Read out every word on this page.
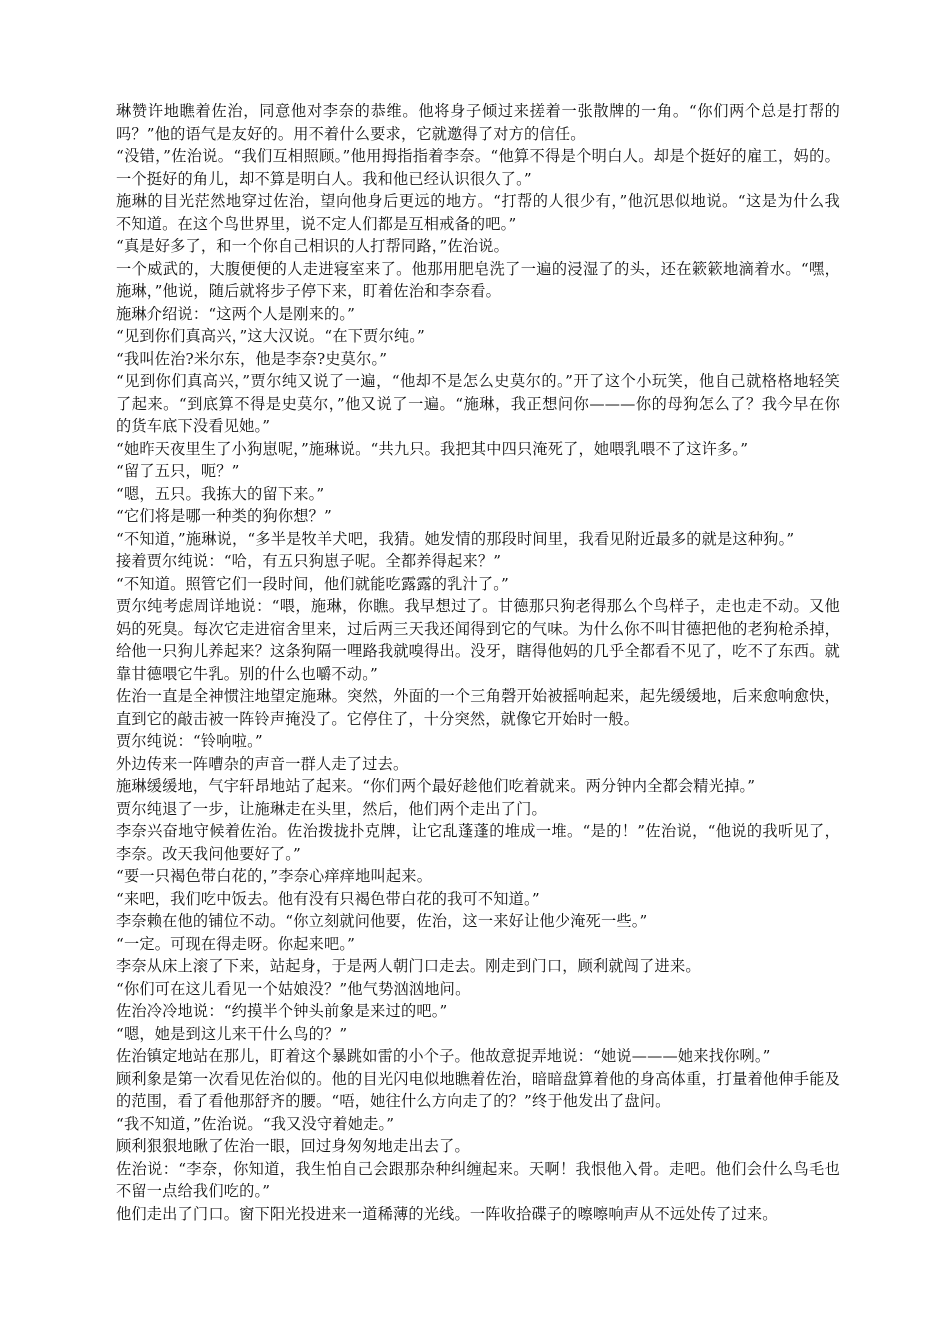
琳赞许地瞧着佐治，同意他对李奈的恭维。他将身子倾过来搓着一张散牌的一角。“你们两个总是打帮的吗？”他的语气是友好的。用不着什么要求，它就邀得了对方的信任。

“没错，”佐治说。“我们互相照顾。”他用拇指指着李奈。“他算不得是个明白人。却是个挺好的雇工，妈的。一个挺好的角儿，却不算是明白人。我和他已经认识很久了。”

施琳的目光茫然地穿过佐治，望向他身后更远的地方。“打帮的人很少有，”他沉思似地说。“这是为什么我不知道。在这个鸟世界里，说不定人们都是互相戒备的吧。”

“真是好多了，和一个你自己相识的人打帮同路，”佐治说。

一个威武的，大腹便便的人走进寝室来了。他那用肥皂洗了一遍的浸湿了的头，还在簌簌地滴着水。“嘿，施琳，”他说，随后就将步子停下来，盯着佐治和李奈看。

施琳介绍说：“这两个人是刚来的。”

“见到你们真高兴，”这大汉说。“在下贾尔纯。”

“我叫佐治?米尔东，他是李奈?史莫尔。”

“见到你们真高兴，”贾尔纯又说了一遍，“他却不是怎么史莫尔的。”开了这个小玩笑，他自己就格格地轻笑了起来。“到底算不得是史莫尔，”他又说了一遍。“施琳，我正想问你———你的母狗怎么了？我今早在你的货车底下没看见她。”

“她昨天夜里生了小狗崽呢，”施琳说。“共九只。我把其中四只淹死了，她喂乳喂不了这许多。”

“留了五只，呃？”

“嗯，五只。我拣大的留下来。”

“它们将是哪一种类的狗你想？”

“不知道，”施琳说，“多半是牧羊犬吧，我猜。她发情的那段时间里，我看见附近最多的就是这种狗。”

接着贾尔纯说：“哈，有五只狗崽子呢。全都养得起来？”

“不知道。照管它们一段时间，他们就能吃露露的乳汁了。”

贾尔纯考虑周详地说：“喂，施琳，你瞧。我早想过了。甘德那只狗老得那么个鸟样子，走也走不动。又他妈的死臭。每次它走进宿舍里来，过后两三天我还闻得到它的气味。为什么你不叫甘德把他的老狗枪杀掉，给他一只狗儿养起来？这条狗隔一哩路我就嗅得出。没牙，瞎得他妈的几乎全都看不见了，吃不了东西。就靠甘德喂它牛乳。别的什么也嚼不动。”

佐治一直是全神惯注地望定施琳。突然，外面的一个三角磬开始被摇响起来，起先缓缓地，后来愈响愈快，直到它的敲击被一阵铃声掩没了。它停住了，十分突然，就像它开始时一般。

贾尔纯说：“铃响啦。”

外边传来一阵嘈杂的声音一群人走了过去。

施琳缓缓地，气宇轩昂地站了起来。“你们两个最好趁他们吃着就来。两分钟内全都会精光掉。”

贾尔纯退了一步，让施琳走在头里，然后，他们两个走出了门。

李奈兴奋地守候着佐治。佐治拨拢扑克牌，让它乱蓬蓬的堆成一堆。“是的！”佐治说，“他说的我听见了，李奈。改天我问他要好了。”

“要一只褐色带白花的，”李奈心痒痒地叫起来。

“来吧，我们吃中饭去。他有没有只褐色带白花的我可不知道。”

李奈赖在他的铺位不动。“你立刻就问他要，佐治，这一来好让他少淹死一些。”

“一定。可现在得走呀。你起来吧。”

李奈从床上滚了下来，站起身，于是两人朝门口走去。刚走到门口，顾利就闯了进来。

“你们可在这儿看见一个姑娘没？”他气势汹汹地问。

佐治冷冷地说：“约摸半个钟头前象是来过的吧。”

“嗯，她是到这儿来干什么鸟的？”

佐治镇定地站在那儿，盯着这个暴跳如雷的小个子。他故意捉弄地说：“她说———她来找你咧。”

顾利象是第一次看见佐治似的。他的目光闪电似地瞧着佐治，暗暗盘算着他的身高体重，打量着他伸手能及的范围，看了看他那舒齐的腰。“唔，她往什么方向走了的？”终于他发出了盘问。

“我不知道，”佐治说。“我又没守着她走。”

顾利狠狠地瞅了佐治一眼，回过身匆匆地走出去了。

佐治说：“李奈，你知道，我生怕自己会跟那杂种纠缠起来。天啊！我恨他入骨。走吧。他们会什么鸟毛也不留一点给我们吃的。”

他们走出了门口。窗下阳光投进来一道稀薄的光线。一阵收拾碟子的嚓嚓响声从不远处传了过来。
